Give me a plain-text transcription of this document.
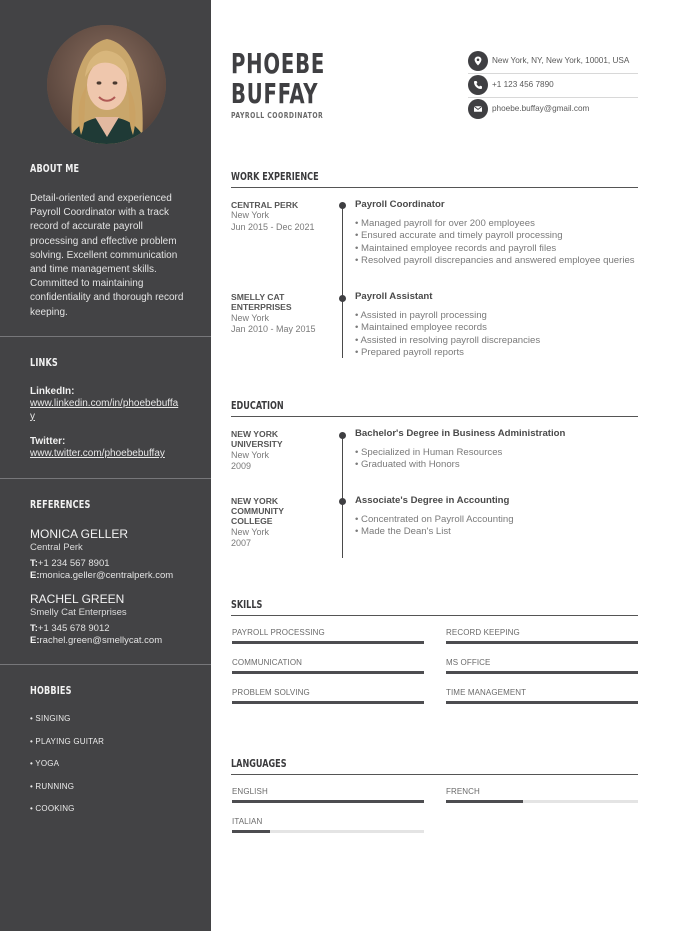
ABOUT ME
Detail-oriented and experienced Payroll Coordinator with a track record of accurate payroll processing and effective problem solving. Excellent communication and time management skills. Committed to maintaining confidentiality and thorough record keeping.
LINKS
LinkedIn:
www.linkedin.com/in/phoebebuffay
Twitter:
www.twitter.com/phoebebuffay
REFERENCES
MONICA GELLER
Central Perk
T:+1 234 567 8901
E:monica.geller@centralperk.com
RACHEL GREEN
Smelly Cat Enterprises
T:+1 345 678 9012
E:rachel.green@smellycat.com
HOBBIES
• SINGING
• PLAYING GUITAR
• YOGA
• RUNNING
• COOKING
PHOEBE
BUFFAY
PAYROLL COORDINATOR
New York, NY, New York, 10001, USA
+1 123 456 7890
phoebe.buffay@gmail.com
WORK EXPERIENCE
CENTRAL PERK
New York
Jun 2015 - Dec 2021
Payroll Coordinator
• Managed payroll for over 200 employees
• Ensured accurate and timely payroll processing
• Maintained employee records and payroll files
• Resolved payroll discrepancies and answered employee queries
SMELLY CAT ENTERPRISES
New York
Jan 2010 - May 2015
Payroll Assistant
• Assisted in payroll processing
• Maintained employee records
• Assisted in resolving payroll discrepancies
• Prepared payroll reports
EDUCATION
NEW YORK UNIVERSITY
New York
2009
Bachelor's Degree in Business Administration
• Specialized in Human Resources
• Graduated with Honors
NEW YORK COMMUNITY COLLEGE
New York
2007
Associate's Degree in Accounting
• Concentrated on Payroll Accounting
• Made the Dean's List
SKILLS
PAYROLL PROCESSING	RECORD KEEPING
COMMUNICATION	MS OFFICE
PROBLEM SOLVING	TIME MANAGEMENT
LANGUAGES
ENGLISH	FRENCH
ITALIAN
